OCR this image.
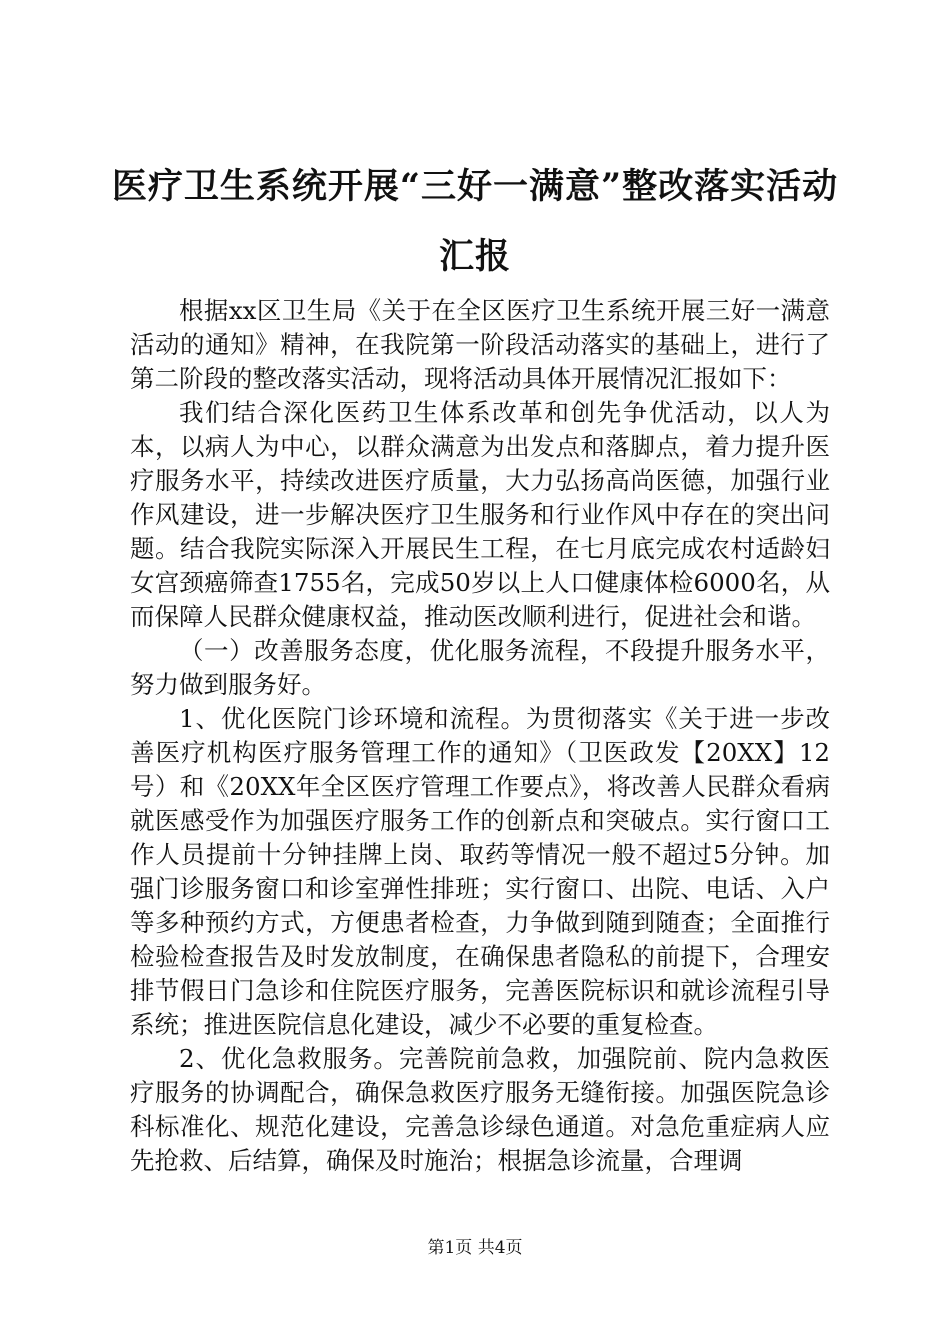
医疗卫生系统开展“三好一满意”整改落实活动汇报

根据xx区卫生局《关于在全区医疗卫生系统开展三好一满意活动的通知》精神，在我院第一阶段活动落实的基础上，进行了第二阶段的整改落实活动，现将活动具体开展情况汇报如下：

我们结合深化医药卫生体系改革和创先争优活动，以人为本，以病人为中心，以群众满意为出发点和落脚点，着力提升医疗服务水平，持续改进医疗质量，大力弘扬高尚医德，加强行业作风建设，进一步解决医疗卫生服务和行业作风中存在的突出问题。结合我院实际深入开展民生工程，在七月底完成农村适龄妇女宫颈癌筛查1755名，完成50岁以上人口健康体检6000名，从而保障人民群众健康权益，推动医改顺利进行，促进社会和谐。

（一）改善服务态度，优化服务流程，不段提升服务水平，努力做到服务好。

1、优化医院门诊环境和流程。为贯彻落实《关于进一步改善医疗机构医疗服务管理工作的通知》（卫医政发【20XX】12号）和《20XX年全区医疗管理工作要点》，将改善人民群众看病就医感受作为加强医疗服务工作的创新点和突破点。实行窗口工作人员提前十分钟挂牌上岗、取药等情况一般不超过5分钟。加强门诊服务窗口和诊室弹性排班；实行窗口、出院、电话、入户等多种预约方式，方便患者检查，力争做到随到随查；全面推行检验检查报告及时发放制度，在确保患者隐私的前提下，合理安排节假日门急诊和住院医疗服务，完善医院标识和就诊流程引导系统；推进医院信息化建设，减少不必要的重复检查。

2、优化急救服务。完善院前急救，加强院前、院内急救医疗服务的协调配合，确保急救医疗服务无缝衔接。加强医院急诊科标准化、规范化建设，完善急诊绿色通道。对急危重症病人应先抢救、后结算，确保及时施治；根据急诊流量，合理调

第1页 共4页
